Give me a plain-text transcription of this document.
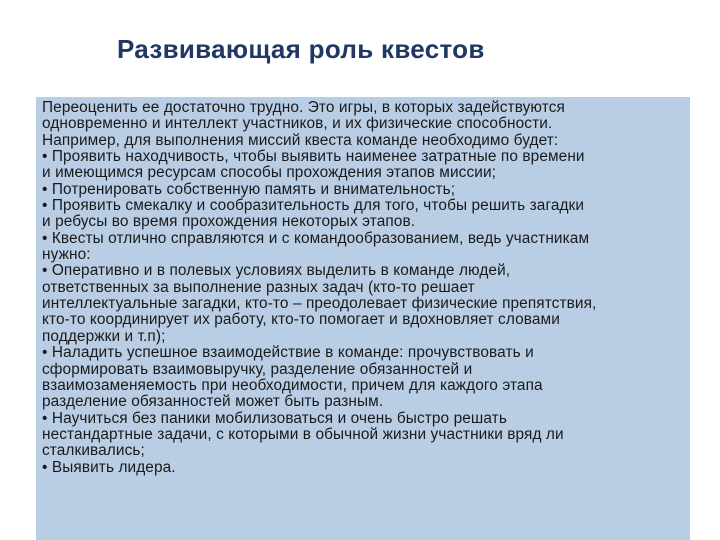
Развивающая роль квестов
Переоценить ее достаточно трудно. Это игры, в которых задействуются
одновременно и интеллект участников, и их физические способности.
Например, для выполнения миссий квеста команде необходимо будет:
• Проявить находчивость, чтобы выявить наименее затратные по времени
и имеющимся ресурсам способы прохождения этапов миссии;
• Потренировать собственную память и внимательность;
• Проявить смекалку и сообразительность для того, чтобы решить загадки
и ребусы во время прохождения некоторых этапов.
• Квесты отлично справляются и с командообразованием, ведь участникам
нужно:
• Оперативно и в полевых условиях выделить в команде людей,
ответственных за выполнение разных задач (кто-то решает
интеллектуальные загадки, кто-то – преодолевает физические препятствия,
кто-то координирует их работу, кто-то помогает и вдохновляет словами
поддержки и т.п);
• Наладить успешное взаимодействие в команде: прочувствовать и
сформировать взаимовыручку, разделение обязанностей и
взаимозаменяемость при необходимости, причем для каждого этапа
разделение обязанностей может быть разным.
• Научиться без паники мобилизоваться и очень быстро решать
нестандартные задачи, с которыми в обычной жизни участники вряд ли
сталкивались;
• Выявить лидера.
